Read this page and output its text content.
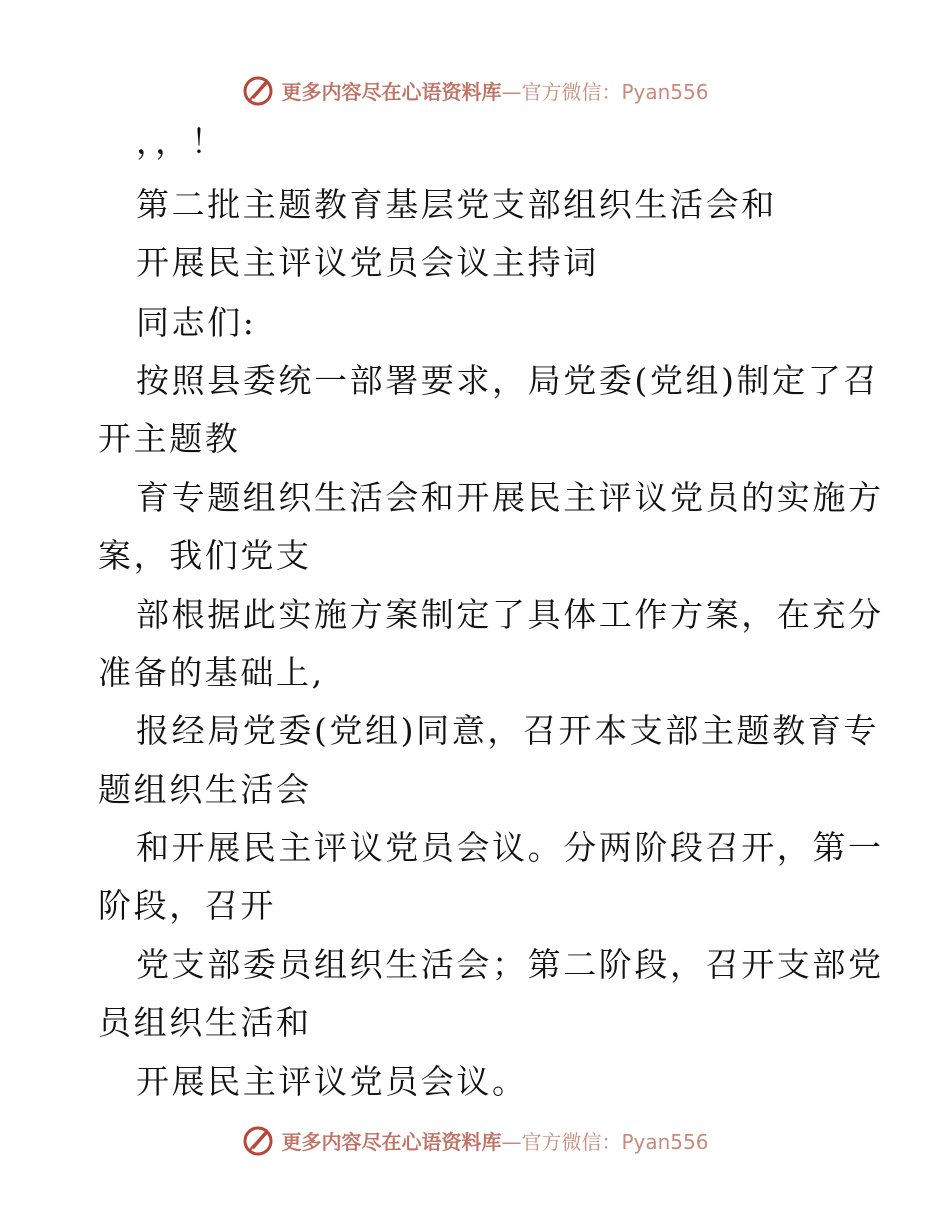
更多内容尽在心语资料库—官方微信：Pyan556
，，！
第二批主题教育基层党支部组织生活会和
开展民主评议党员会议主持词
同志们:
按照县委统一部署要求，局党委(党组)制定了召
开主题教
育专题组织生活会和开展民主评议党员的实施方
案，我们党支
部根据此实施方案制定了具体工作方案，在充分
准备的基础上,
报经局党委(党组)同意，召开本支部主题教育专
题组织生活会
和开展民主评议党员会议。分两阶段召开，第一
阶段，召开
党支部委员组织生活会；第二阶段，召开支部党
员组织生活和
开展民主评议党员会议。
更多内容尽在心语资料库—官方微信：Pyan556
